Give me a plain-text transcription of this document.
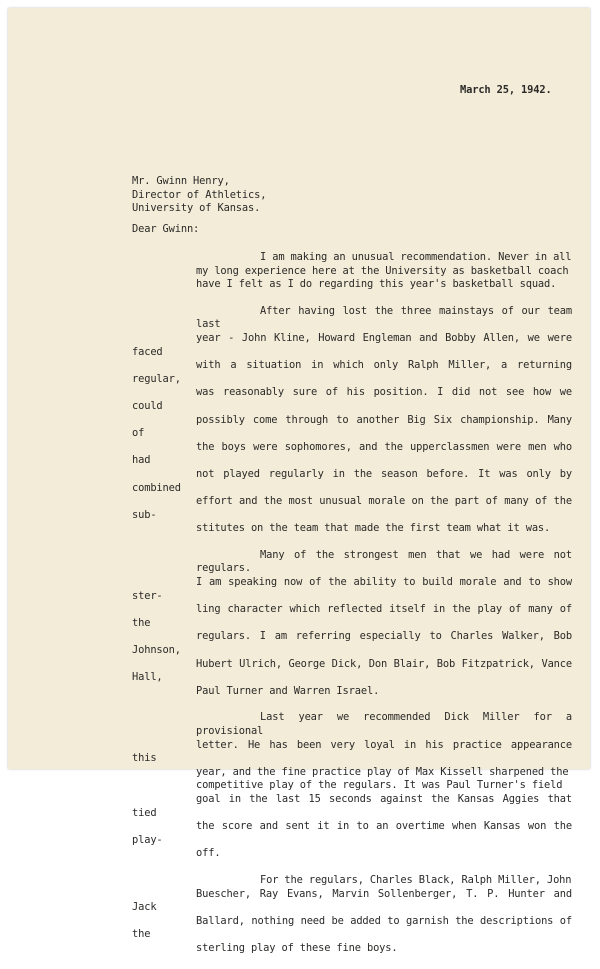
March 25, 1942.
Mr. Gwinn Henry,
Director of Athletics,
University of Kansas.
Dear Gwinn:
I am making an unusual recommendation. Never in all
my long experience here at the University as basketball coach
have I felt as I do regarding this year's basketball squad.
After having lost the three mainstays of our team last
year - John Kline, Howard Engleman and Bobby Allen, we were faced
with a situation in which only Ralph Miller, a returning regular,
was reasonably sure of his position. I did not see how we could
possibly come through to another Big Six championship. Many of
the boys were sophomores, and the upperclassmen were men who had
not played regularly in the season before. It was only by combined
effort and the most unusual morale on the part of many of the sub-
stitutes on the team that made the first team what it was.
Many of the strongest men that we had were not regulars.
I am speaking now of the ability to build morale and to show ster-
ling character which reflected itself in the play of many of the
regulars. I am referring especially to Charles Walker, Bob Johnson,
Hubert Ulrich, George Dick, Don Blair, Bob Fitzpatrick, Vance Hall,
Paul Turner and Warren Israel.
Last year we recommended Dick Miller for a provisional
letter. He has been very loyal in his practice appearance this
year, and the fine practice play of Max Kissell sharpened the
competitive play of the regulars. It was Paul Turner's field
goal in the last 15 seconds against the Kansas Aggies that tied
the score and sent it in to an overtime when Kansas won the play-
off.
For the regulars, Charles Black, Ralph Miller, John
Buescher, Ray Evans, Marvin Sollenberger, T. P. Hunter and Jack
Ballard, nothing need be added to garnish the descriptions of the
sterling play of these fine boys.
